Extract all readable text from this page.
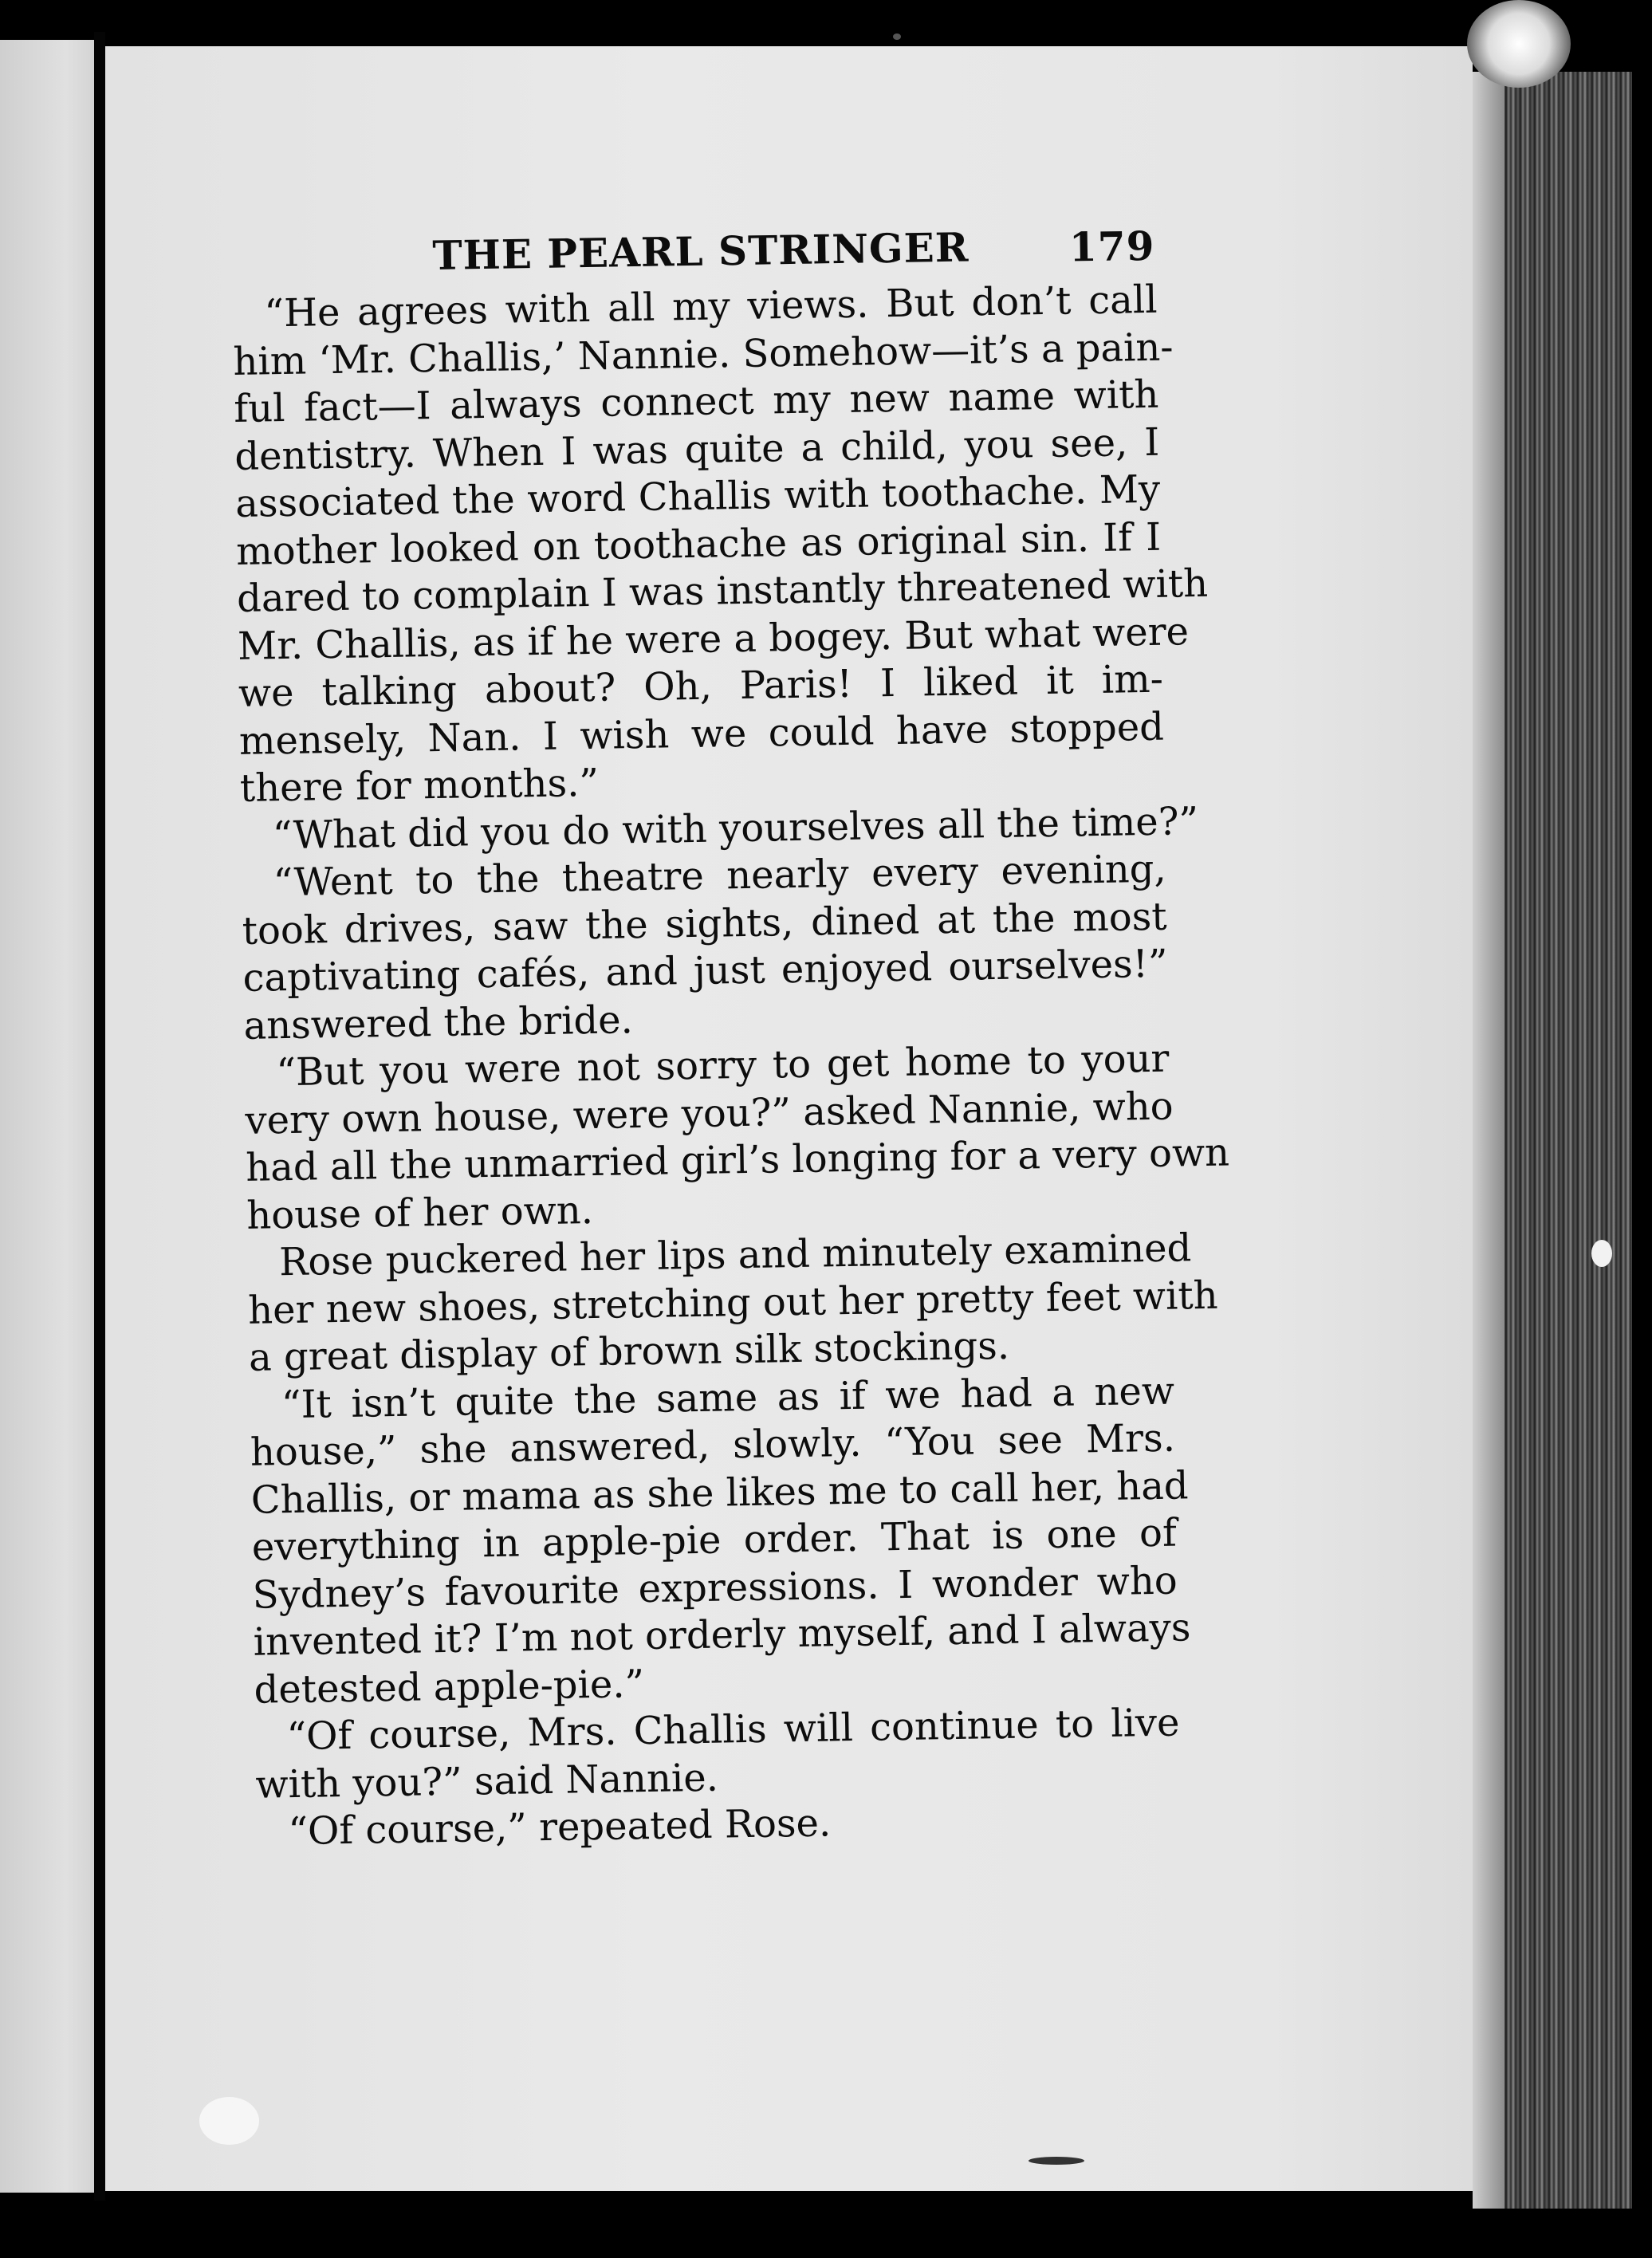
THE PEARL STRINGER 179
“He agrees with all my views. But don’t call
him ‘Mr. Challis,’ Nannie. Somehow—it’s a pain-
ful fact—I always connect my new name with
dentistry. When I was quite a child, you see, I
associated the word Challis with toothache. My
mother looked on toothache as original sin. If I
dared to complain I was instantly threatened with
Mr. Challis, as if he were a bogey. But what were
we talking about? Oh, Paris! I liked it im-
mensely, Nan. I wish we could have stopped
there for months.”
“What did you do with yourselves all the time?”
“Went to the theatre nearly every evening,
took drives, saw the sights, dined at the most
captivating cafés, and just enjoyed ourselves!”
answered the bride.
“But you were not sorry to get home to your
very own house, were you?” asked Nannie, who
had all the unmarried girl’s longing for a very own
house of her own.
Rose puckered her lips and minutely examined
her new shoes, stretching out her pretty feet with
a great display of brown silk stockings.
“It isn’t quite the same as if we had a new
house,” she answered, slowly. “You see Mrs.
Challis, or mama as she likes me to call her, had
everything in apple-pie order. That is one of
Sydney’s favourite expressions. I wonder who
invented it? I’m not orderly myself, and I always
detested apple-pie.”
“Of course, Mrs. Challis will continue to live
with you?” said Nannie.
“Of course,” repeated Rose.
